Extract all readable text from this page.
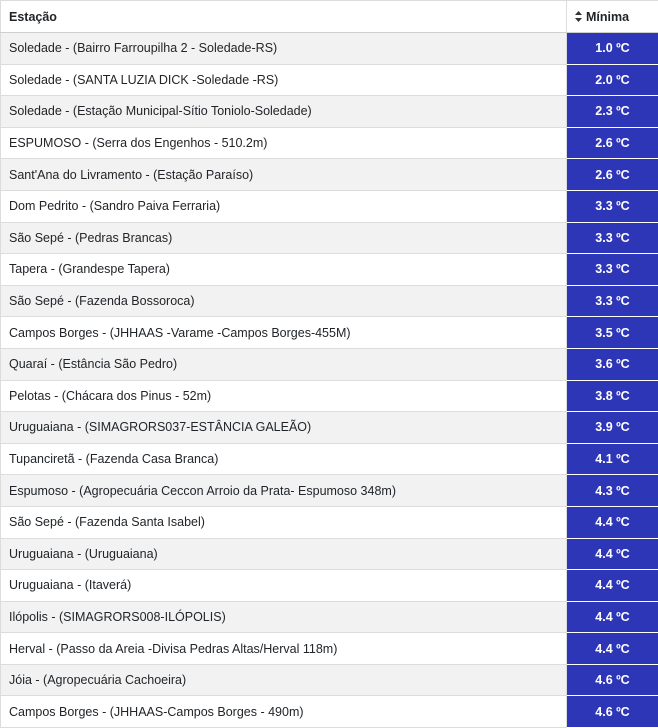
Estação	Mínima
Soledade - (Bairro Farroupilha 2 - Soledade-RS)	1.0 ºC
Soledade - (SANTA LUZIA DICK -Soledade -RS)	2.0 ºC
Soledade - (Estação Municipal-Sítio Toniolo-Soledade)	2.3 ºC
ESPUMOSO - (Serra dos Engenhos - 510.2m)	2.6 ºC
Sant'Ana do Livramento - (Estação Paraíso)	2.6 ºC
Dom Pedrito - (Sandro Paiva Ferraria)	3.3 ºC
São Sepé - (Pedras Brancas)	3.3 ºC
Tapera - (Grandespe Tapera)	3.3 ºC
São Sepé - (Fazenda Bossoroca)	3.3 ºC
Campos Borges - (JHHAAS -Varame -Campos Borges-455M)	3.5 ºC
Quaraí - (Estância São Pedro)	3.6 ºC
Pelotas - (Chácara dos Pinus - 52m)	3.8 ºC
Uruguaiana - (SIMAGRORS037-ESTÂNCIA GALEÃO)	3.9 ºC
Tupanciretã - (Fazenda Casa Branca)	4.1 ºC
Espumoso - (Agropecuária Ceccon Arroio da Prata- Espumoso 348m)	4.3 ºC
São Sepé - (Fazenda Santa Isabel)	4.4 ºC
Uruguaiana - (Uruguaiana)	4.4 ºC
Uruguaiana - (Itaverá)	4.4 ºC
Ilópolis - (SIMAGRORS008-ILÓPOLIS)	4.4 ºC
Herval - (Passo da Areia -Divisa Pedras Altas/Herval 118m)	4.4 ºC
Jóia - (Agropecuária Cachoeira)	4.6 ºC
Campos Borges - (JHHAAS-Campos Borges - 490m)	4.6 ºC
